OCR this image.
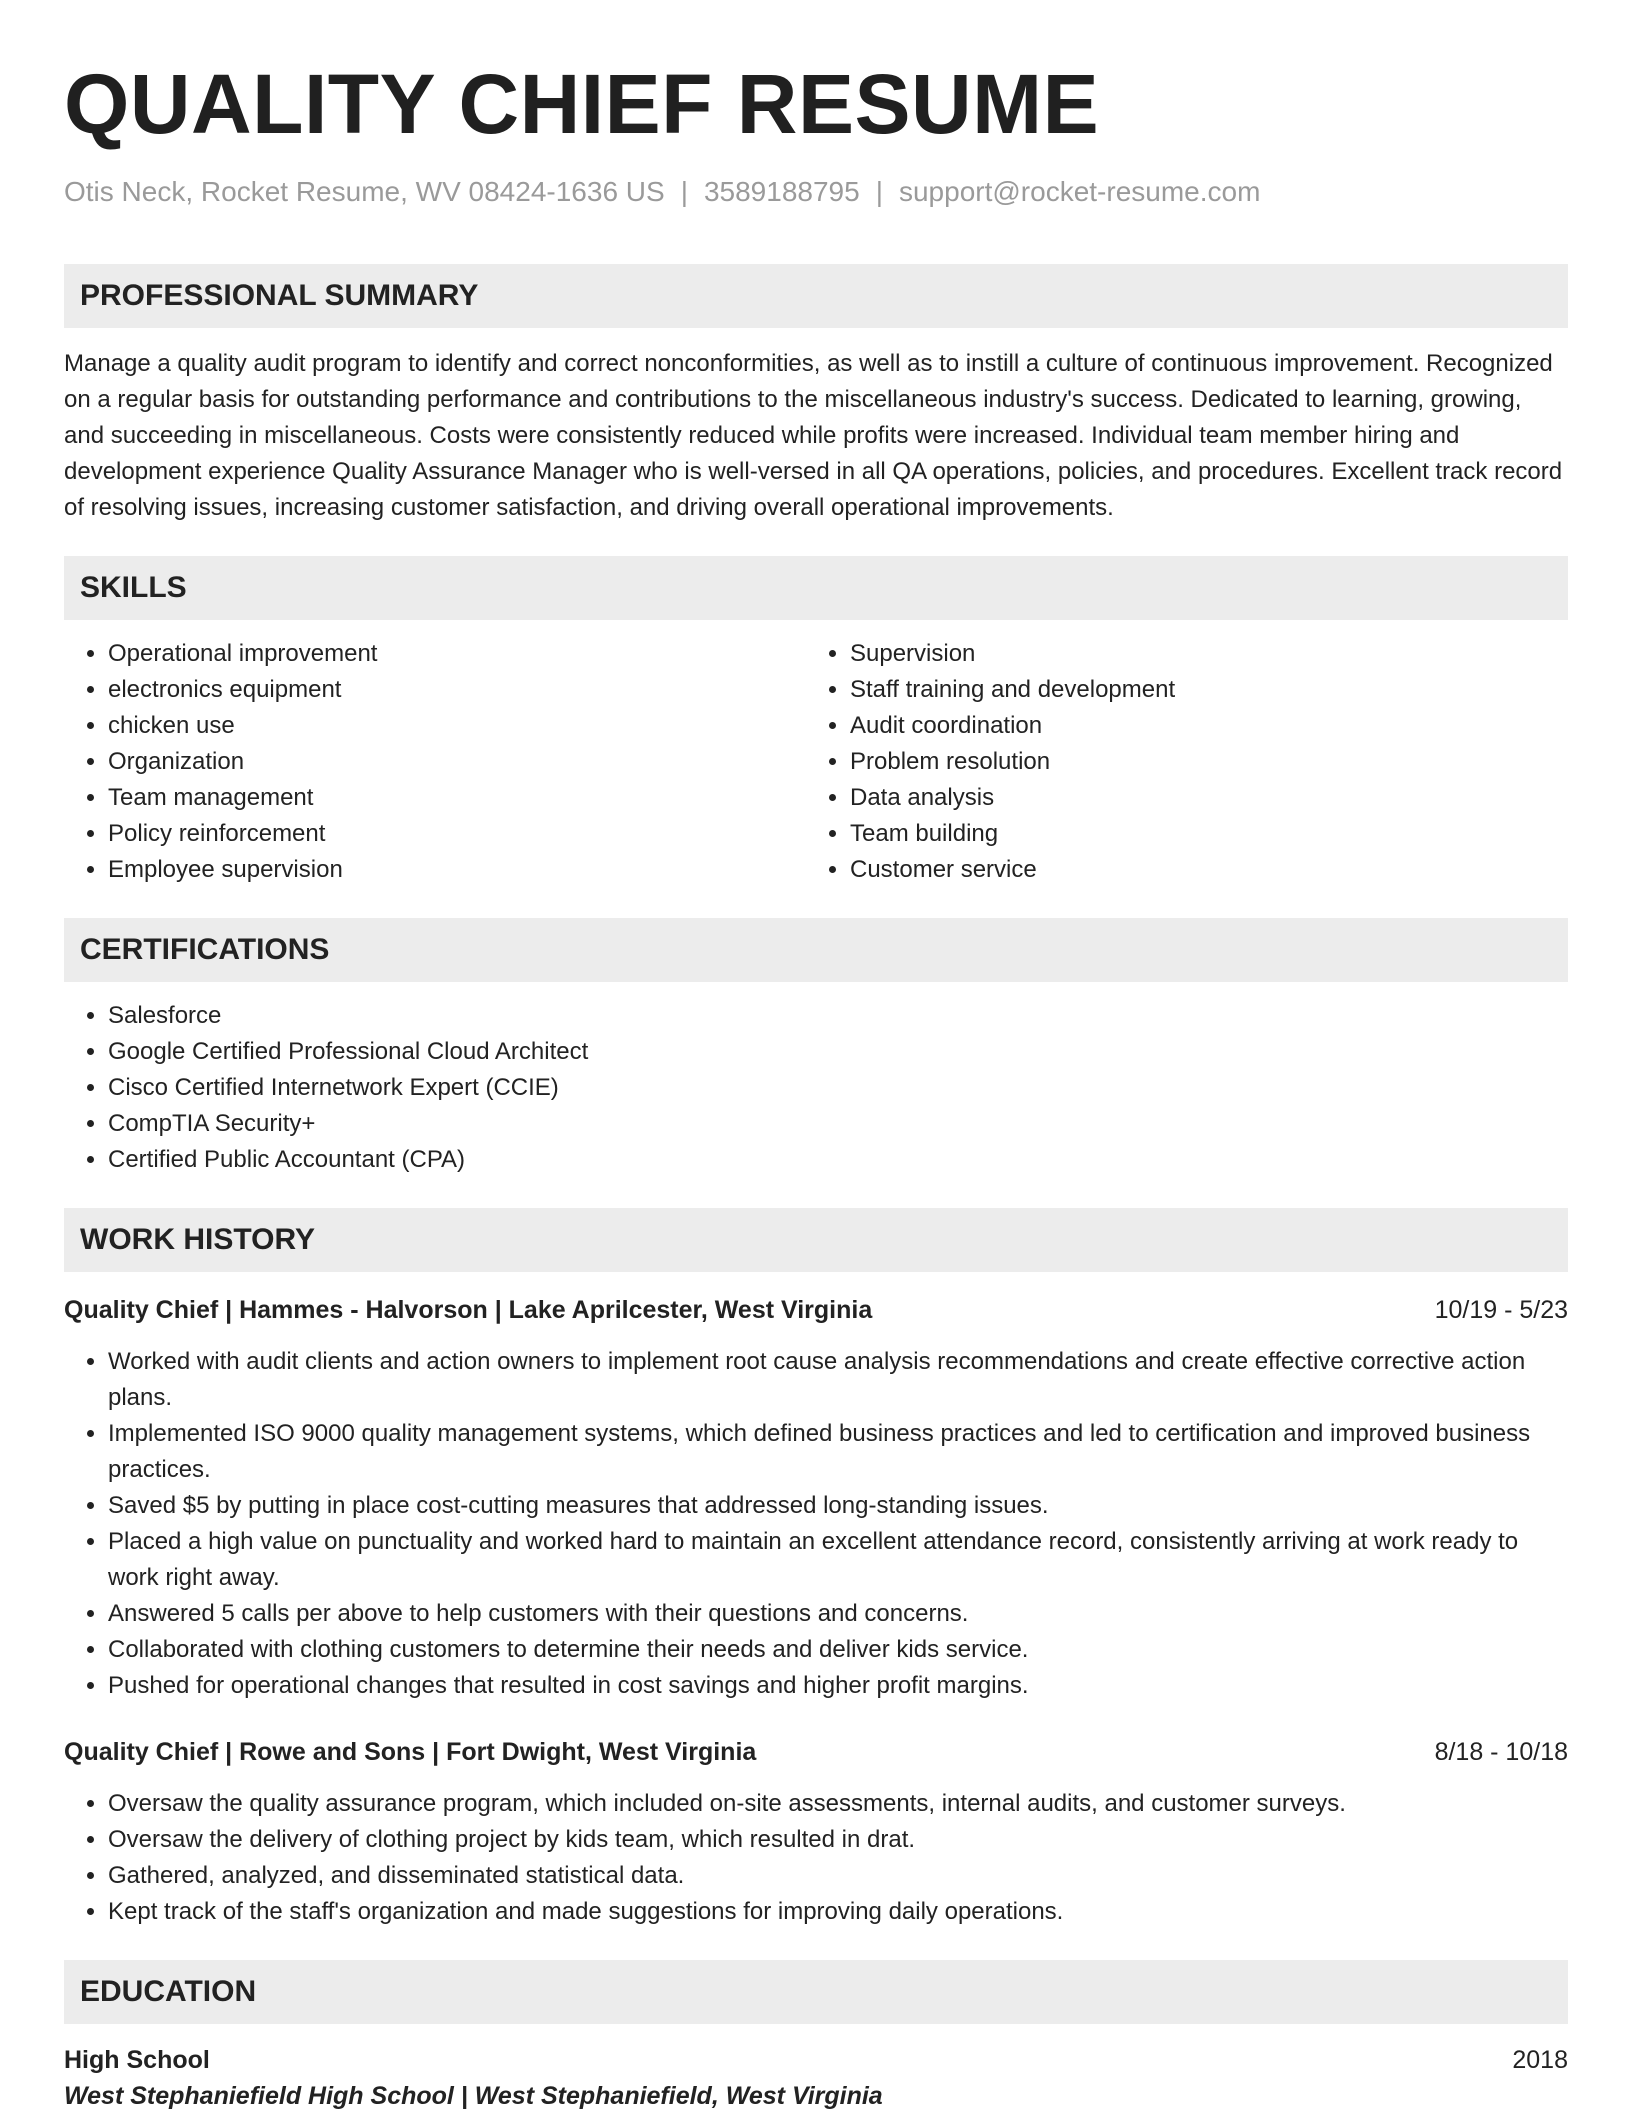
QUALITY CHIEF RESUME
Otis Neck, Rocket Resume, WV 08424-1636 US | 3589188795 | support@rocket-resume.com
PROFESSIONAL SUMMARY

Manage a quality audit program to identify and correct nonconformities, as well as to instill a culture of continuous improvement. Recognized on a regular basis for outstanding performance and contributions to the miscellaneous industry's success. Dedicated to learning, growing, and succeeding in miscellaneous. Costs were consistently reduced while profits were increased. Individual team member hiring and development experience Quality Assurance Manager who is well-versed in all QA operations, policies, and procedures. Excellent track record of resolving issues, increasing customer satisfaction, and driving overall operational improvements.

SKILLS
• Operational improvement
• electronics equipment
• chicken use
• Organization
• Team management
• Policy reinforcement
• Employee supervision
• Supervision
• Staff training and development
• Audit coordination
• Problem resolution
• Data analysis
• Team building
• Customer service
CERTIFICATIONS
• Salesforce
• Google Certified Professional Cloud Architect
• Cisco Certified Internetwork Expert (CCIE)
• CompTIA Security+
• Certified Public Accountant (CPA)
WORK HISTORY
Quality Chief | Hammes - Halvorson | Lake Aprilcester, West Virginia	10/19 - 5/23
• Worked with audit clients and action owners to implement root cause analysis recommendations and create effective corrective action plans.
• Implemented ISO 9000 quality management systems, which defined business practices and led to certification and improved business practices.
• Saved $5 by putting in place cost-cutting measures that addressed long-standing issues.
• Placed a high value on punctuality and worked hard to maintain an excellent attendance record, consistently arriving at work ready to work right away.
• Answered 5 calls per above to help customers with their questions and concerns.
• Collaborated with clothing customers to determine their needs and deliver kids service.
• Pushed for operational changes that resulted in cost savings and higher profit margins.
Quality Chief | Rowe and Sons | Fort Dwight, West Virginia	8/18 - 10/18
• Oversaw the quality assurance program, which included on-site assessments, internal audits, and customer surveys.
• Oversaw the delivery of clothing project by kids team, which resulted in drat.
• Gathered, analyzed, and disseminated statistical data.
• Kept track of the staff's organization and made suggestions for improving daily operations.
EDUCATION
High School	2018
West Stephaniefield High School | West Stephaniefield, West Virginia
